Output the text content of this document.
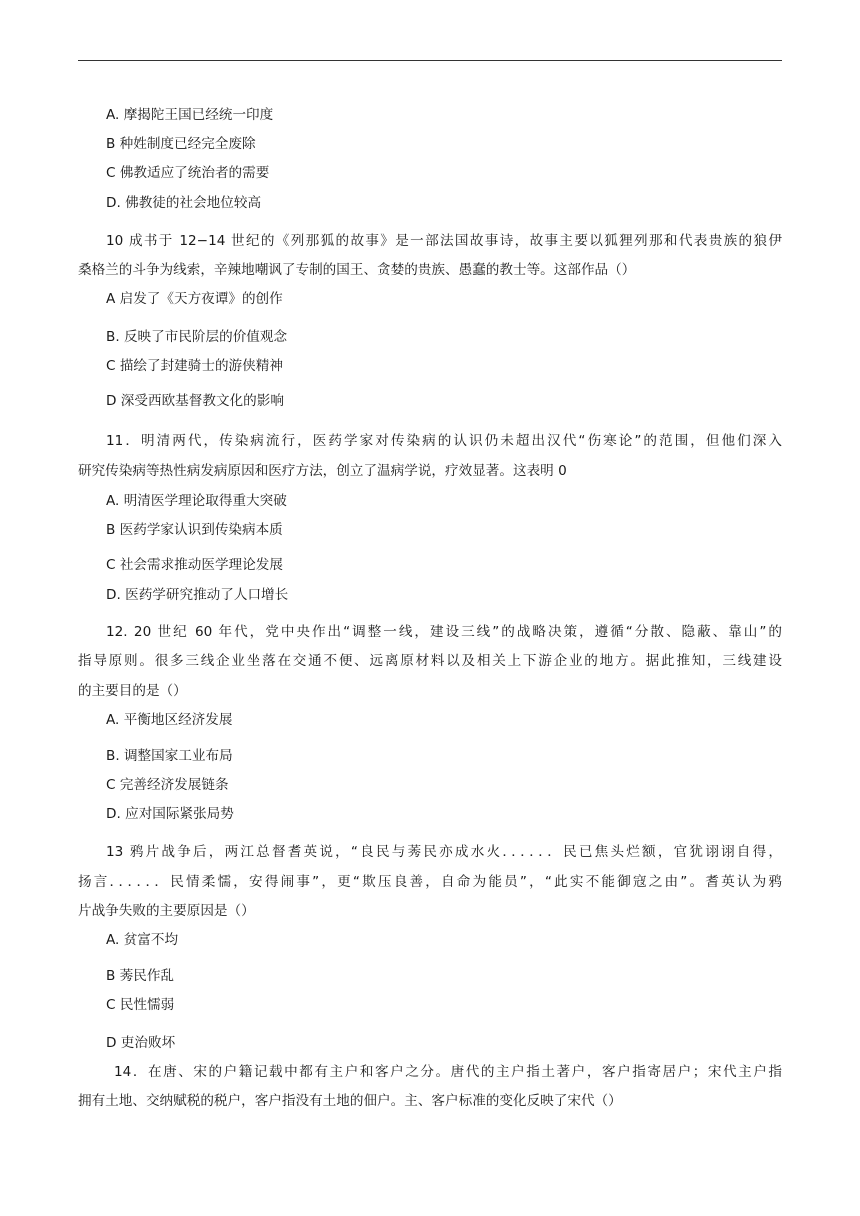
A. 摩揭陀王国已经统一印度
B 种姓制度已经完全废除
C 佛教适应了统治者的需要
D. 佛教徒的社会地位较高
10 成书于 12−14 世纪的《列那狐的故事》是一部法国故事诗，故事主要以狐狸列那和代表贵族的狼伊
桑格兰的斗争为线索，辛辣地嘲讽了专制的国王、贪婪的贵族、愚蠢的教士等。这部作品（）
A 启发了《天方夜谭》的创作
B. 反映了市民阶层的价值观念
C 描绘了封建骑士的游侠精神
D 深受西欧基督教文化的影响
11．明清两代，传染病流行，医药学家对传染病的认识仍未超出汉代“伤寒论”的范围，但他们深入
研究传染病等热性病发病原因和医疗方法，创立了温病学说，疗效显著。这表明 0
A. 明清医学理论取得重大突破
B 医药学家认识到传染病本质
C 社会需求推动医学理论发展
D. 医药学研究推动了人口增长
12. 20 世纪 60 年代，党中央作出“调整一线，建设三线”的战略决策，遵循“分散、隐蔽、靠山”的
指导原则。很多三线企业坐落在交通不便、远离原材料以及相关上下游企业的地方。据此推知，三线建设
的主要目的是（）
A. 平衡地区经济发展
B. 调整国家工业布局
C 完善经济发展链条
D. 应对国际紧张局势
13 鸦片战争后，两江总督耆英说，“良民与莠民亦成水火．．．．．．民已焦头烂额，官犹诩诩自得，
扬言．．．．．．民情柔懦，安得闹事”，更“欺压良善，自命为能员”，“此实不能御寇之由”。耆英认为鸦
片战争失败的主要原因是（）
A. 贫富不均
B 莠民作乱
C 民性懦弱
D 吏治败坏
14．在唐、宋的户籍记载中都有主户和客户之分。唐代的主户指土著户，客户指寄居户；宋代主户指
拥有土地、交纳赋税的税户，客户指没有土地的佃户。主、客户标准的变化反映了宋代（）
